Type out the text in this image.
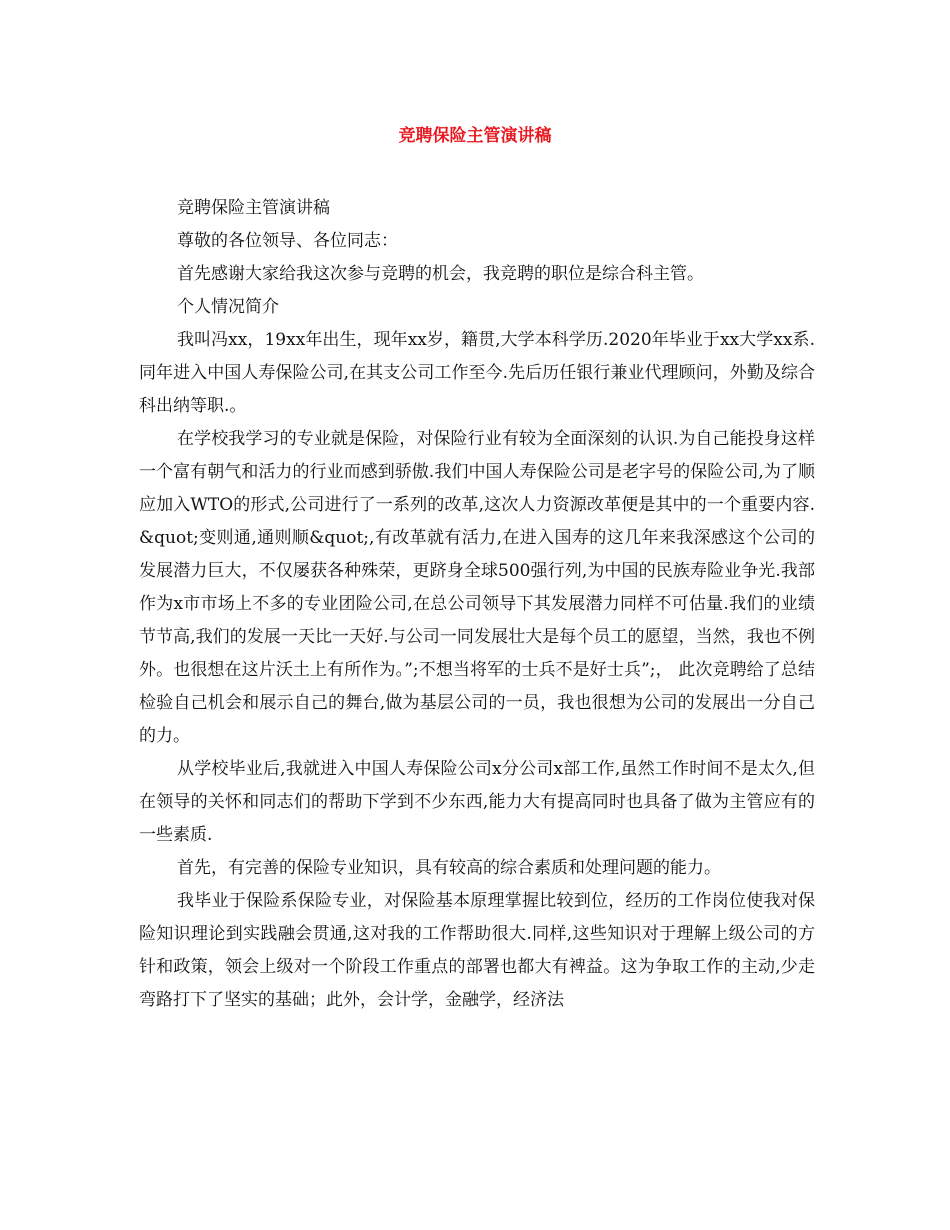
竞聘保险主管演讲稿

竞聘保险主管演讲稿

尊敬的各位领导、各位同志：

首先感谢大家给我这次参与竞聘的机会，我竞聘的职位是综合科主管。

个人情况简介

我叫冯xx，19xx年出生，现年xx岁，籍贯,大学本科学历.2020年毕业于xx大学xx系.同年进入中国人寿保险公司,在其支公司工作至今.先后历任银行兼业代理顾问，外勤及综合科出纳等职.。

在学校我学习的专业就是保险，对保险行业有较为全面深刻的认识.为自己能投身这样一个富有朝气和活力的行业而感到骄傲.我们中国人寿保险公司是老字号的保险公司,为了顺应加入WTO的形式,公司进行了一系列的改革,这次人力资源改革便是其中的一个重要内容.&quot;变则通,通则顺&quot;,有改革就有活力,在进入国寿的这几年来我深感这个公司的发展潜力巨大，不仅屡获各种殊荣，更跻身全球500强行列,为中国的民族寿险业争光.我部作为x市市场上不多的专业团险公司,在总公司领导下其发展潜力同样不可估量.我们的业绩节节高,我们的发展一天比一天好.与公司一同发展壮大是每个员工的愿望，当然，我也不例外。也很想在这片沃土上有所作为。”;不想当将军的士兵不是好士兵”;， 此次竞聘给了总结检验自己机会和展示自己的舞台,做为基层公司的一员，我也很想为公司的发展出一分自己的力。

从学校毕业后,我就进入中国人寿保险公司x分公司x部工作,虽然工作时间不是太久,但在领导的关怀和同志们的帮助下学到不少东西,能力大有提高同时也具备了做为主管应有的一些素质.

首先，有完善的保险专业知识，具有较高的综合素质和处理问题的能力。

我毕业于保险系保险专业，对保险基本原理掌握比较到位，经历的工作岗位使我对保险知识理论到实践融会贯通,这对我的工作帮助很大.同样,这些知识对于理解上级公司的方针和政策，领会上级对一个阶段工作重点的部署也都大有裨益。这为争取工作的主动,少走弯路打下了坚实的基础；此外，会计学，金融学，经济法
